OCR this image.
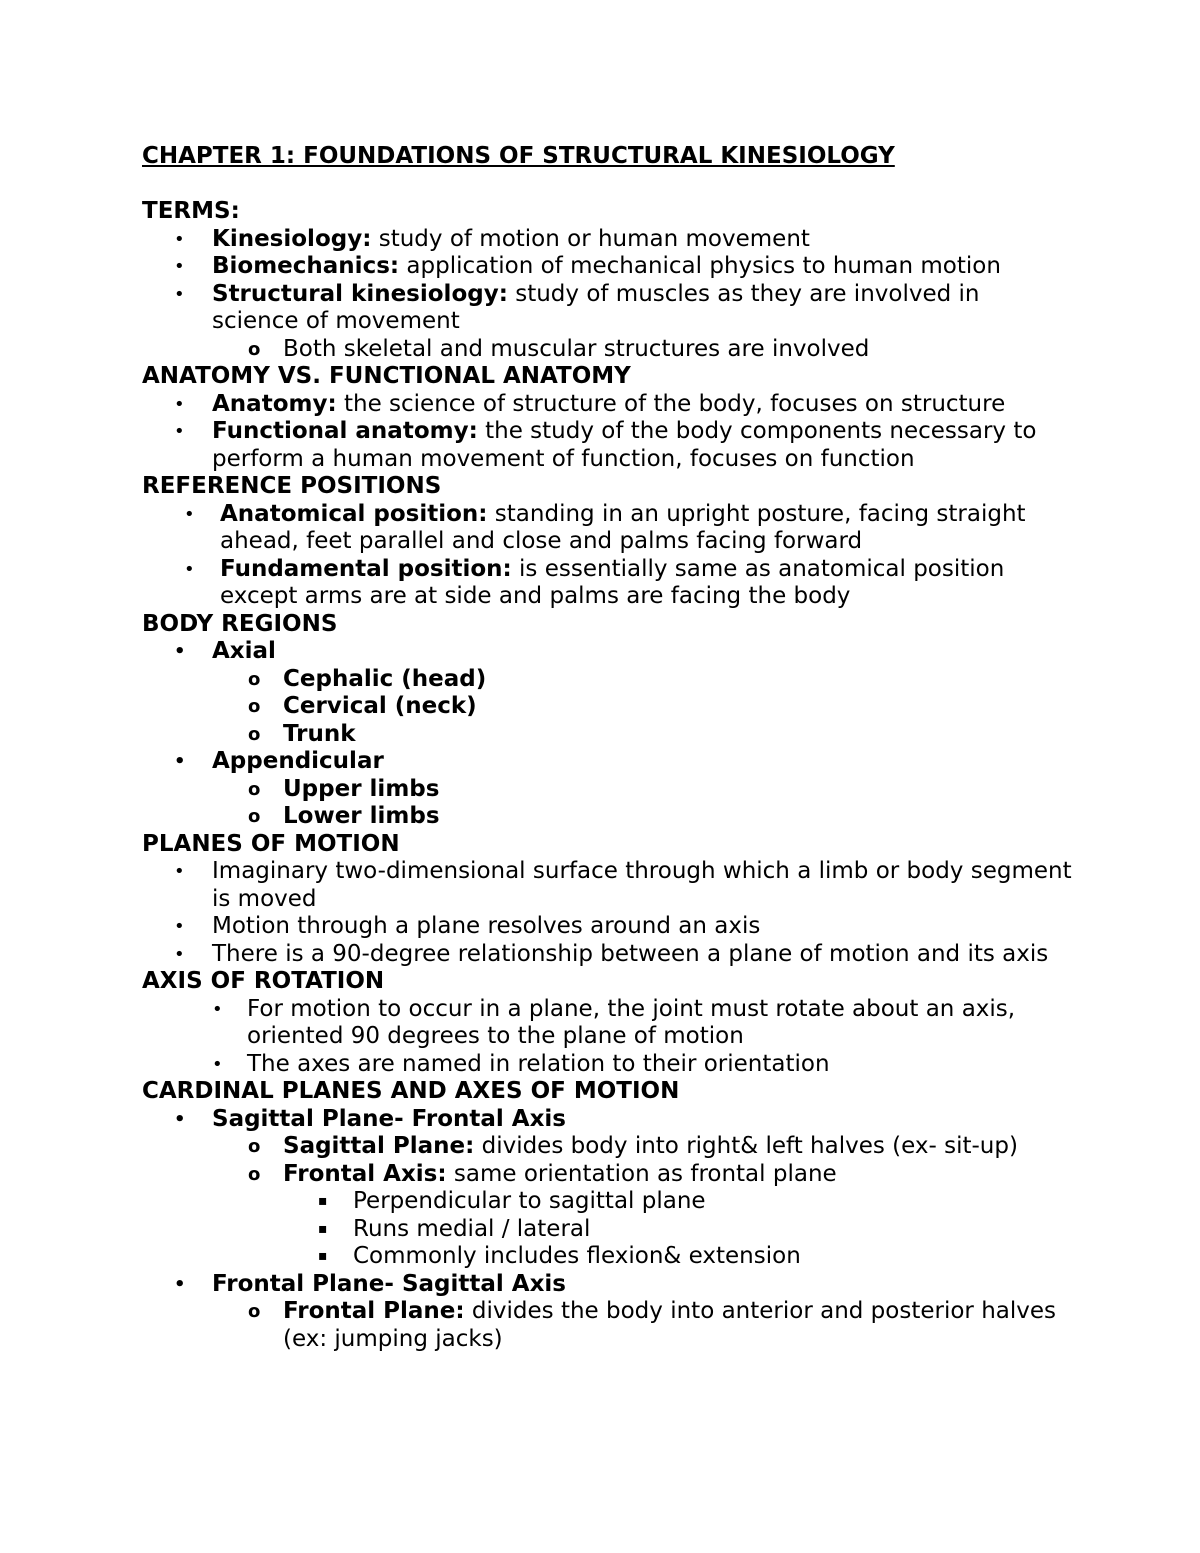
CHAPTER 1: FOUNDATIONS OF STRUCTURAL KINESIOLOGY

TERMS:

• Kinesiology: study of motion or human movement
• Biomechanics: application of mechanical physics to human motion
• Structural kinesiology: study of muscles as they are involved in science of movement
o Both skeletal and muscular structures are involved

ANATOMY VS. FUNCTIONAL ANATOMY

• Anatomy: the science of structure of the body, focuses on structure
• Functional anatomy: the study of the body components necessary to perform a human movement of function, focuses on function

REFERENCE POSITIONS

• Anatomical position: standing in an upright posture, facing straight ahead, feet parallel and close and palms facing forward
• Fundamental position: is essentially same as anatomical position except arms are at side and palms are facing the body

BODY REGIONS

• Axial
o Cephalic (head)
o Cervical (neck)
o Trunk
• Appendicular
o Upper limbs
o Lower limbs

PLANES OF MOTION

• Imaginary two-dimensional surface through which a limb or body segment is moved
• Motion through a plane resolves around an axis
• There is a 90-degree relationship between a plane of motion and its axis

AXIS OF ROTATION

• For motion to occur in a plane, the joint must rotate about an axis, oriented 90 degrees to the plane of motion
• The axes are named in relation to their orientation

CARDINAL PLANES AND AXES OF MOTION

• Sagittal Plane- Frontal Axis
o Sagittal Plane: divides body into right& left halves (ex- sit-up)
o Frontal Axis: same orientation as frontal plane
▪ Perpendicular to sagittal plane
▪ Runs medial / lateral
▪ Commonly includes flexion& extension
• Frontal Plane- Sagittal Axis
o Frontal Plane: divides the body into anterior and posterior halves (ex: jumping jacks)
